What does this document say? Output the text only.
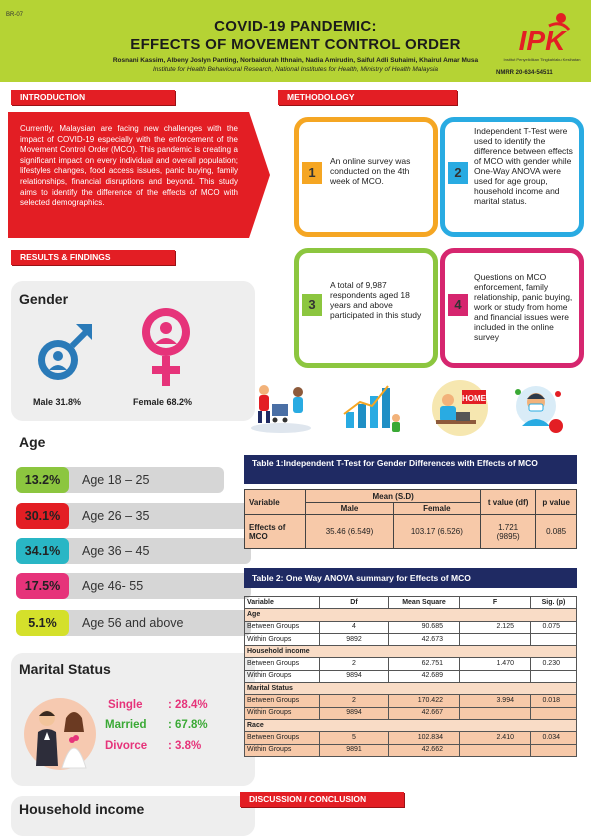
BR-07
COVID-19 PANDEMIC:
EFFECTS OF MOVEMENT CONTROL ORDER
Rosnani Kassim, Albeny Joslyn Panting, Norbaidurah Ithnain, Nadia Amirudin, Saiful Adli Suhaimi, Khairul Amar Musa
Institute for Health Behavioural Research, National Institutes for Health, Ministry of Health Malaysia	NMRR 20-634-54511
IPK
Institut Penyelidikan Tingkahlaku Kesihatan
INTRODUCTION
Currently, Malaysian are facing new challenges with the impact of COVID-19 especially with the enforcement of the Movement Control Order (MCO). This pandemic is creating a significant impact on every individual and overall population; lifestyles changes, food access issues, panic buying, family relationships, financial disruptions and beyond. This study aims to identify the difference of the effects of MCO with selected demographics.
RESULTS & FINDINGS
METHODOLOGY
1
An online survey was conducted on the 4th week of MCO.
2
Independent T-Test were used to identify the difference between effects of MCO with gender while One-Way ANOVA were used for age group, household income and marital status.
3
A total of 9,987 respondents aged 18 years and above participated in this study
4
Questions on MCO enforcement, family relationship, panic buying, work or study from home and financial issues were included in the online survey
HOME
Gender
Male 31.8%	Female 68.2%
Age
13.2%	Age 18 – 25
30.1%	Age 26 – 35
34.1%	Age 36 – 45
17.5%	Age 46- 55
5.1%	Age 56 and above
Marital Status
Single : 28.4%
Married : 67.8%
Divorce : 3.8%
Household income
Table 1:Independent T-Test for Gender Differences with Effects of MCO
Variable	Mean (S.D)		t value (df)	p value
	Male	Female		
Effects of MCO	35.46 (6.549)	103.17 (6.526)	1.721 (9895)	0.085
Table 2: One Way ANOVA summary for Effects of MCO
Variable	Df	Mean Square	F	Sig. (p)
Age				
Between Groups	4	90.685	2.125	0.075
Within Groups	9892	42.673		
Household income				
Between Groups	2	62.751	1.470	0.230
Within Groups	9894	42.689		
Marital Status				
Between Groups	2	170.422	3.994	0.018
Within Groups	9894	42.667		
Race				
Between Groups	5	102.834	2.410	0.034
Within Groups	9891	42.662		
DISCUSSION / CONCLUSION
